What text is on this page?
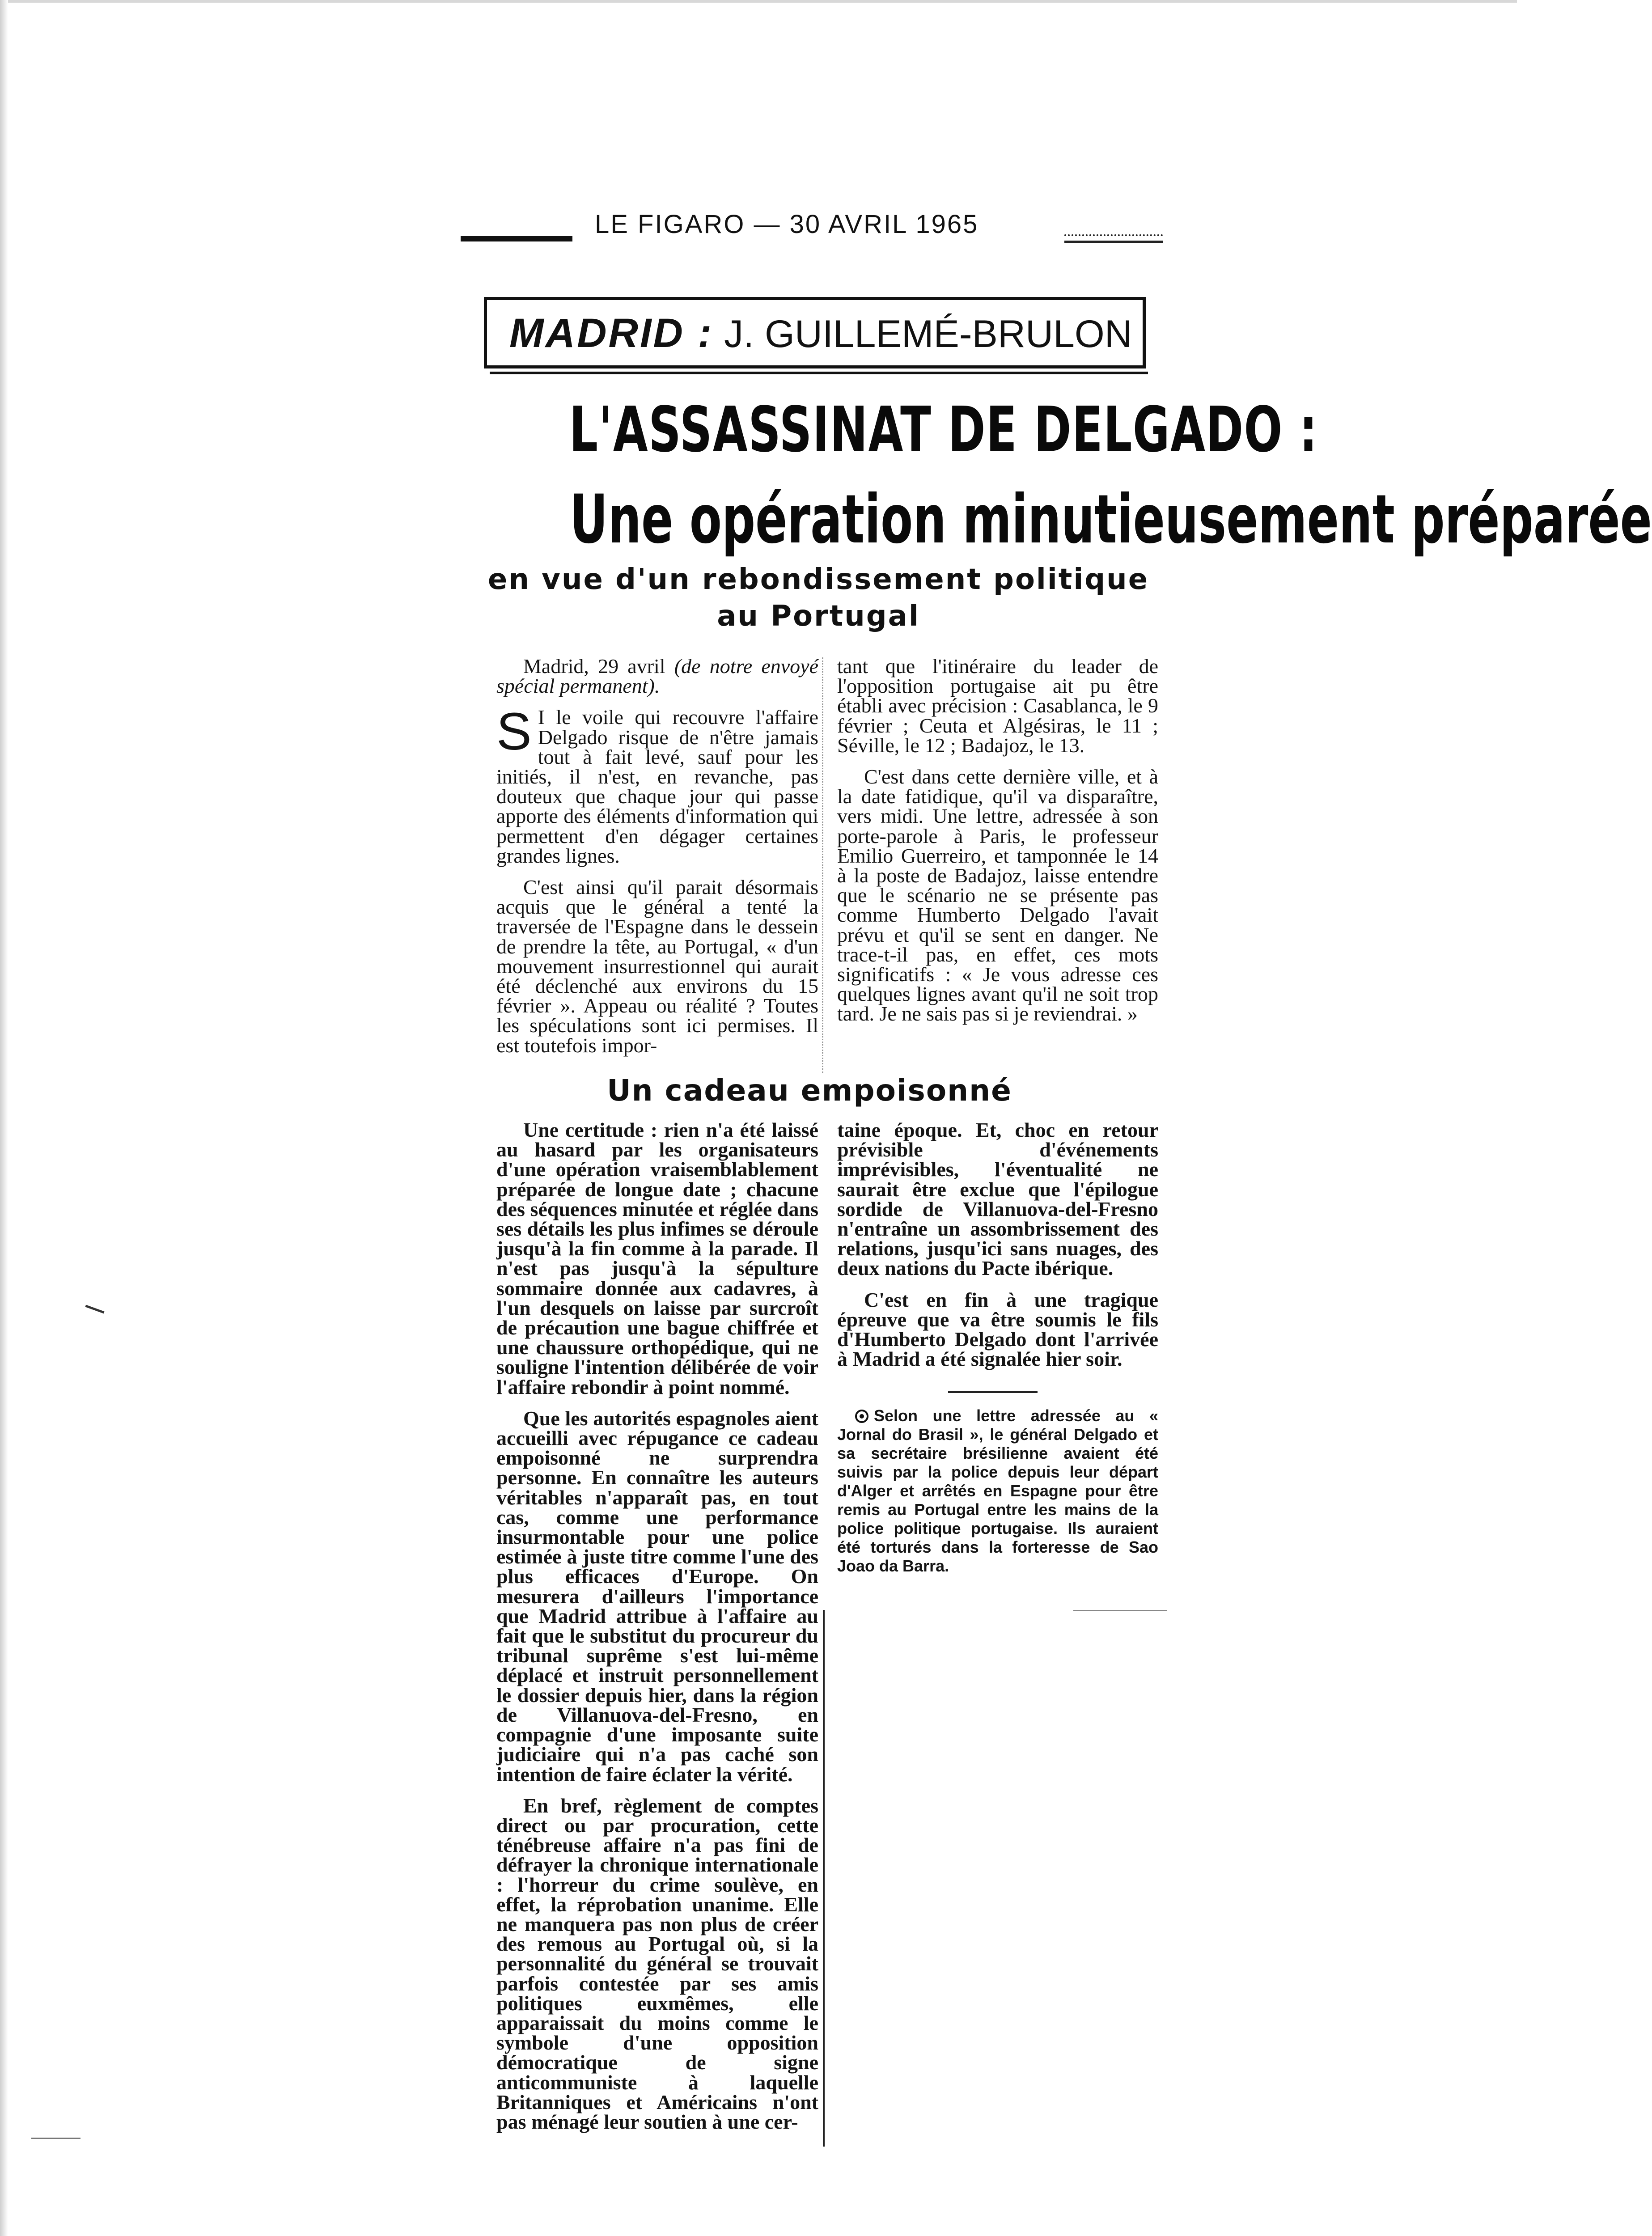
LE FIGARO — 30 AVRIL 1965
MADRID : J. GUILLEMÉ-BRULON
L'ASSASSINAT DE DELGADO :
Une opération minutieusement préparée
en vue d'un rebondissement politique
au Portugal

Madrid, 29 avril (de notre envoyé spécial permanent).

S I le voile qui recouvre l'affaire Delgado risque de n'être jamais tout à fait levé, sauf pour les initiés, il n'est, en revanche, pas douteux que chaque jour qui passe apporte des éléments d'information qui permettent d'en dégager certaines grandes lignes.

C'est ainsi qu'il parait désormais acquis que le général a tenté la traversée de l'Espagne dans le dessein de prendre la tête, au Portugal, « d'un mouvement insurrestionnel qui aurait été déclenché aux environs du 15 février ». Appeau ou réalité ? Toutes les spéculations sont ici permises. Il est toutefois impor-

tant que l'itinéraire du leader de l'opposition portugaise ait pu être établi avec précision : Casablanca, le 9 février ; Ceuta et Algésiras, le 11 ; Séville, le 12 ; Badajoz, le 13.

C'est dans cette dernière ville, et à la date fatidique, qu'il va disparaître, vers midi. Une lettre, adressée à son porte-parole à Paris, le professeur Emilio Guerreiro, et tamponnée le 14 à la poste de Badajoz, laisse entendre que le scénario ne se présente pas comme Humberto Delgado l'avait prévu et qu'il se sent en danger. Ne trace-t-il pas, en effet, ces mots significatifs : « Je vous adresse ces quelques lignes avant qu'il ne soit trop tard. Je ne sais pas si je reviendrai. »

Un cadeau empoisonné

Une certitude : rien n'a été laissé au hasard par les organisateurs d'une opération vraisemblablement préparée de longue date ; chacune des séquences minutée et réglée dans ses détails les plus infimes se déroule jusqu'à la fin comme à la parade. Il n'est pas jusqu'à la sépulture sommaire donnée aux cadavres, à l'un desquels on laisse par surcroît de précaution une bague chiffrée et une chaussure orthopédique, qui ne souligne l'intention délibérée de voir l'affaire rebondir à point nommé.

Que les autorités espagnoles aient accueilli avec répugance ce cadeau empoisonné ne surprendra personne. En connaître les auteurs véritables n'apparaît pas, en tout cas, comme une performance insurmontable pour une police estimée à juste titre comme l'une des plus efficaces d'Europe. On mesurera d'ailleurs l'importance que Madrid attribue à l'affaire au fait que le substitut du procureur du tribunal suprême s'est lui-même déplacé et instruit personnellement le dossier depuis hier, dans la région de Villanuova-del-Fresno, en compagnie d'une imposante suite judiciaire qui n'a pas caché son intention de faire éclater la vérité.

En bref, règlement de comptes direct ou par procuration, cette ténébreuse affaire n'a pas fini de défrayer la chronique internationale : l'horreur du crime soulève, en effet, la réprobation unanime. Elle ne manquera pas non plus de créer des remous au Portugal où, si la personnalité du général se trouvait parfois contestée par ses amis politiques euxmêmes, elle apparaissait du moins comme le symbole d'une opposition démocratique de signe anticommuniste à laquelle Britanniques et Américains n'ont pas ménagé leur soutien à une cer-

taine époque. Et, choc en retour prévisible d'événements imprévisibles, l'éventualité ne saurait être exclue que l'épilogue sordide de Villanuova-del-Fresno n'entraîne un assombrissement des relations, jusqu'ici sans nuages, des deux nations du Pacte ibérique.

C'est en fin à une tragique épreuve que va être soumis le fils d'Humberto Delgado dont l'arrivée à Madrid a été signalée hier soir.

Selon une lettre adressée au « Jornal do Brasil », le général Delgado et sa secrétaire brésilienne avaient été suivis par la police depuis leur départ d'Alger et arrêtés en Espagne pour être remis au Portugal entre les mains de la police politique portugaise. Ils auraient été torturés dans la forteresse de Sao Joao da Barra.
